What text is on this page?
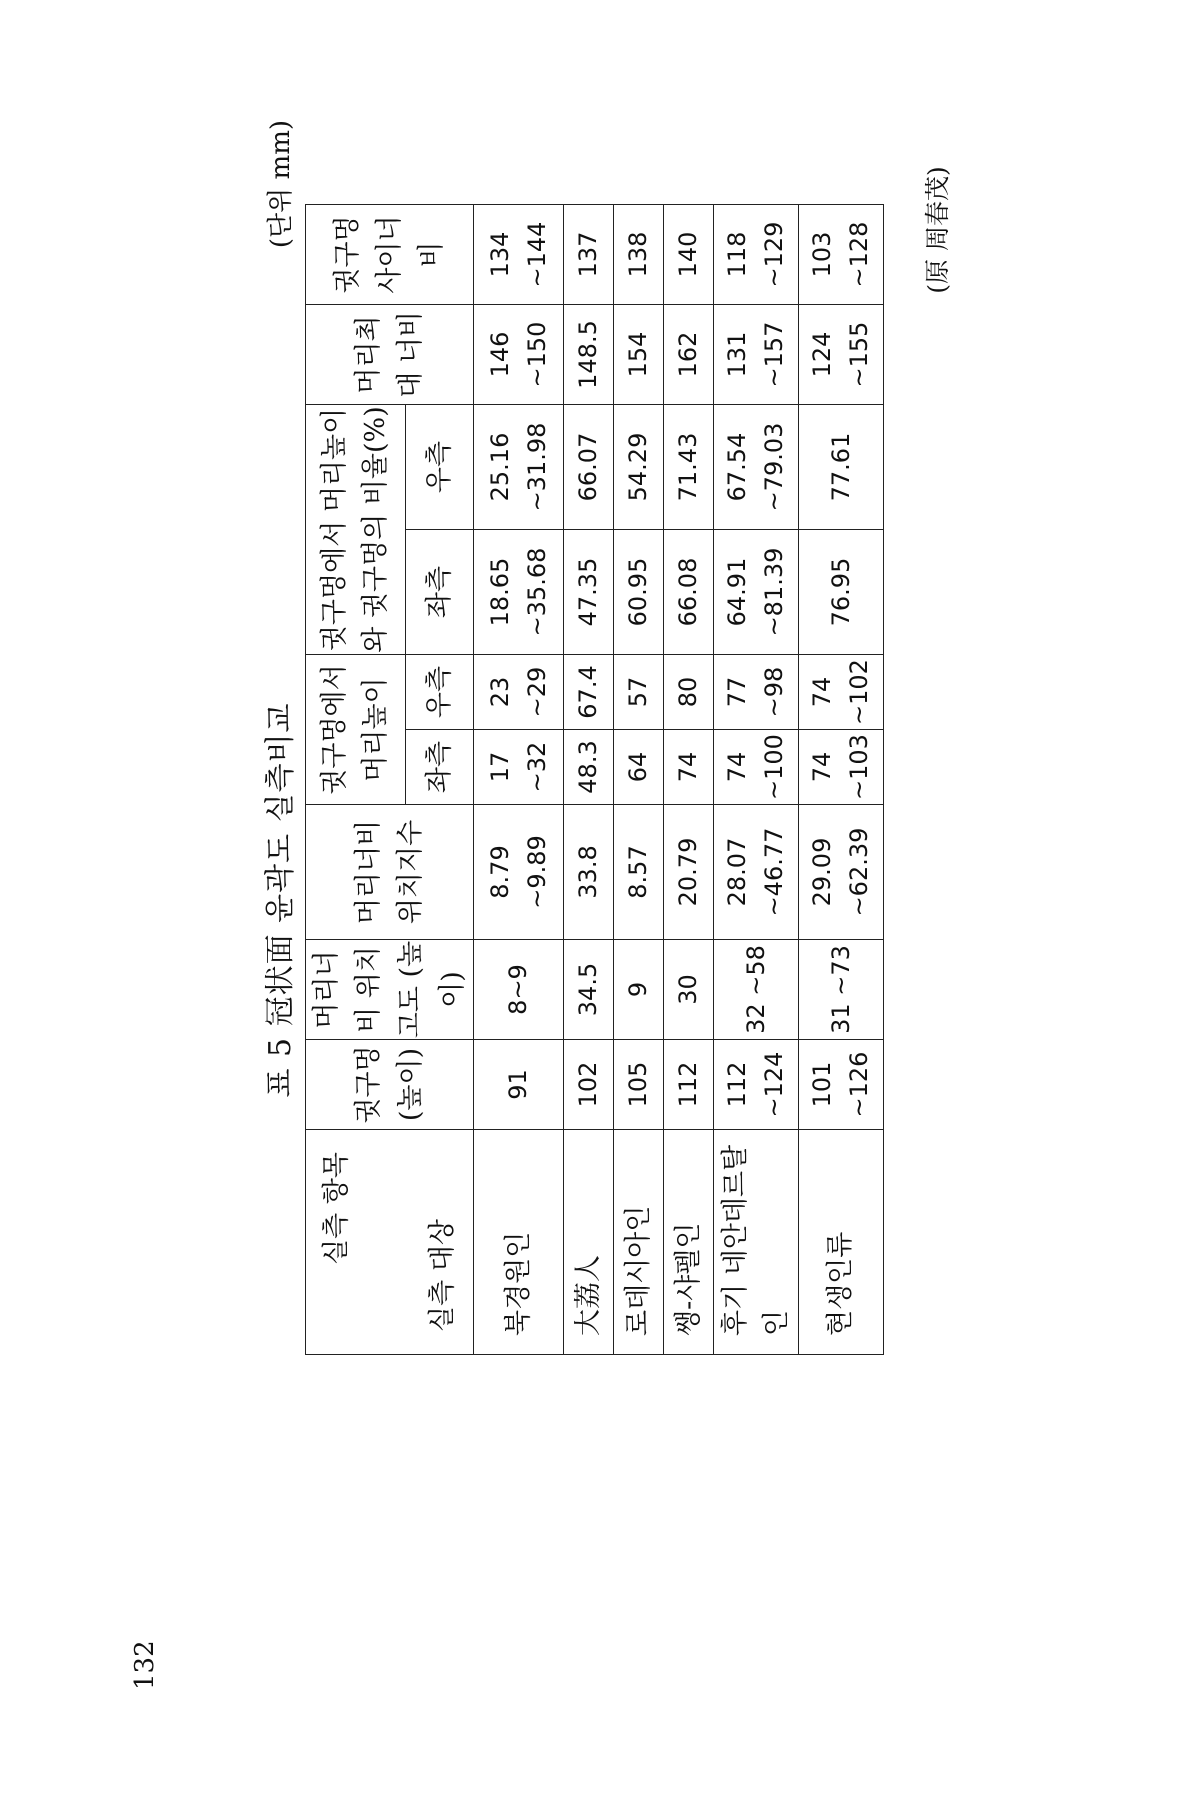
132
표 5 冠状面 윤곽도 실측비교
(단위 mm)
실측 항목
실측 대상	귓구멍 (높이)	머리너비 위치고도 (높이)	머리너비 위치지수	귓구멍에서 머리높이		귓구멍에서 머리높이와 귓구멍의 비율(%)		머리최대 너비	귓구멍 사이너비
				좌측	우측	좌측	우측		
북경원인	91	8~9	8.79 ~9.89	17 ~32	23 ~29	18.65 ~35.68	25.16 ~31.98	146 ~150	134 ~144
大荔人	102	34.5	33.8	48.3	67.4	47.35	66.07	148.5	137
로데시아인	105	9	8.57	64	57	60.95	54.29	154	138
쌩-샤펠인	112	30	20.79	74	80	66.08	71.43	162	140
후기 네안데르탈인	112 ~124	32 ~58	28.07 ~46.77	74 ~100	77 ~98	64.91 ~81.39	67.54 ~79.03	131 ~157	118 ~129
현생인류	101 ~126	31 ~73	29.09 ~62.39	74 ~103	74 ~102	76.95	77.61	124 ~155	103 ~128 (原 周春茂)
